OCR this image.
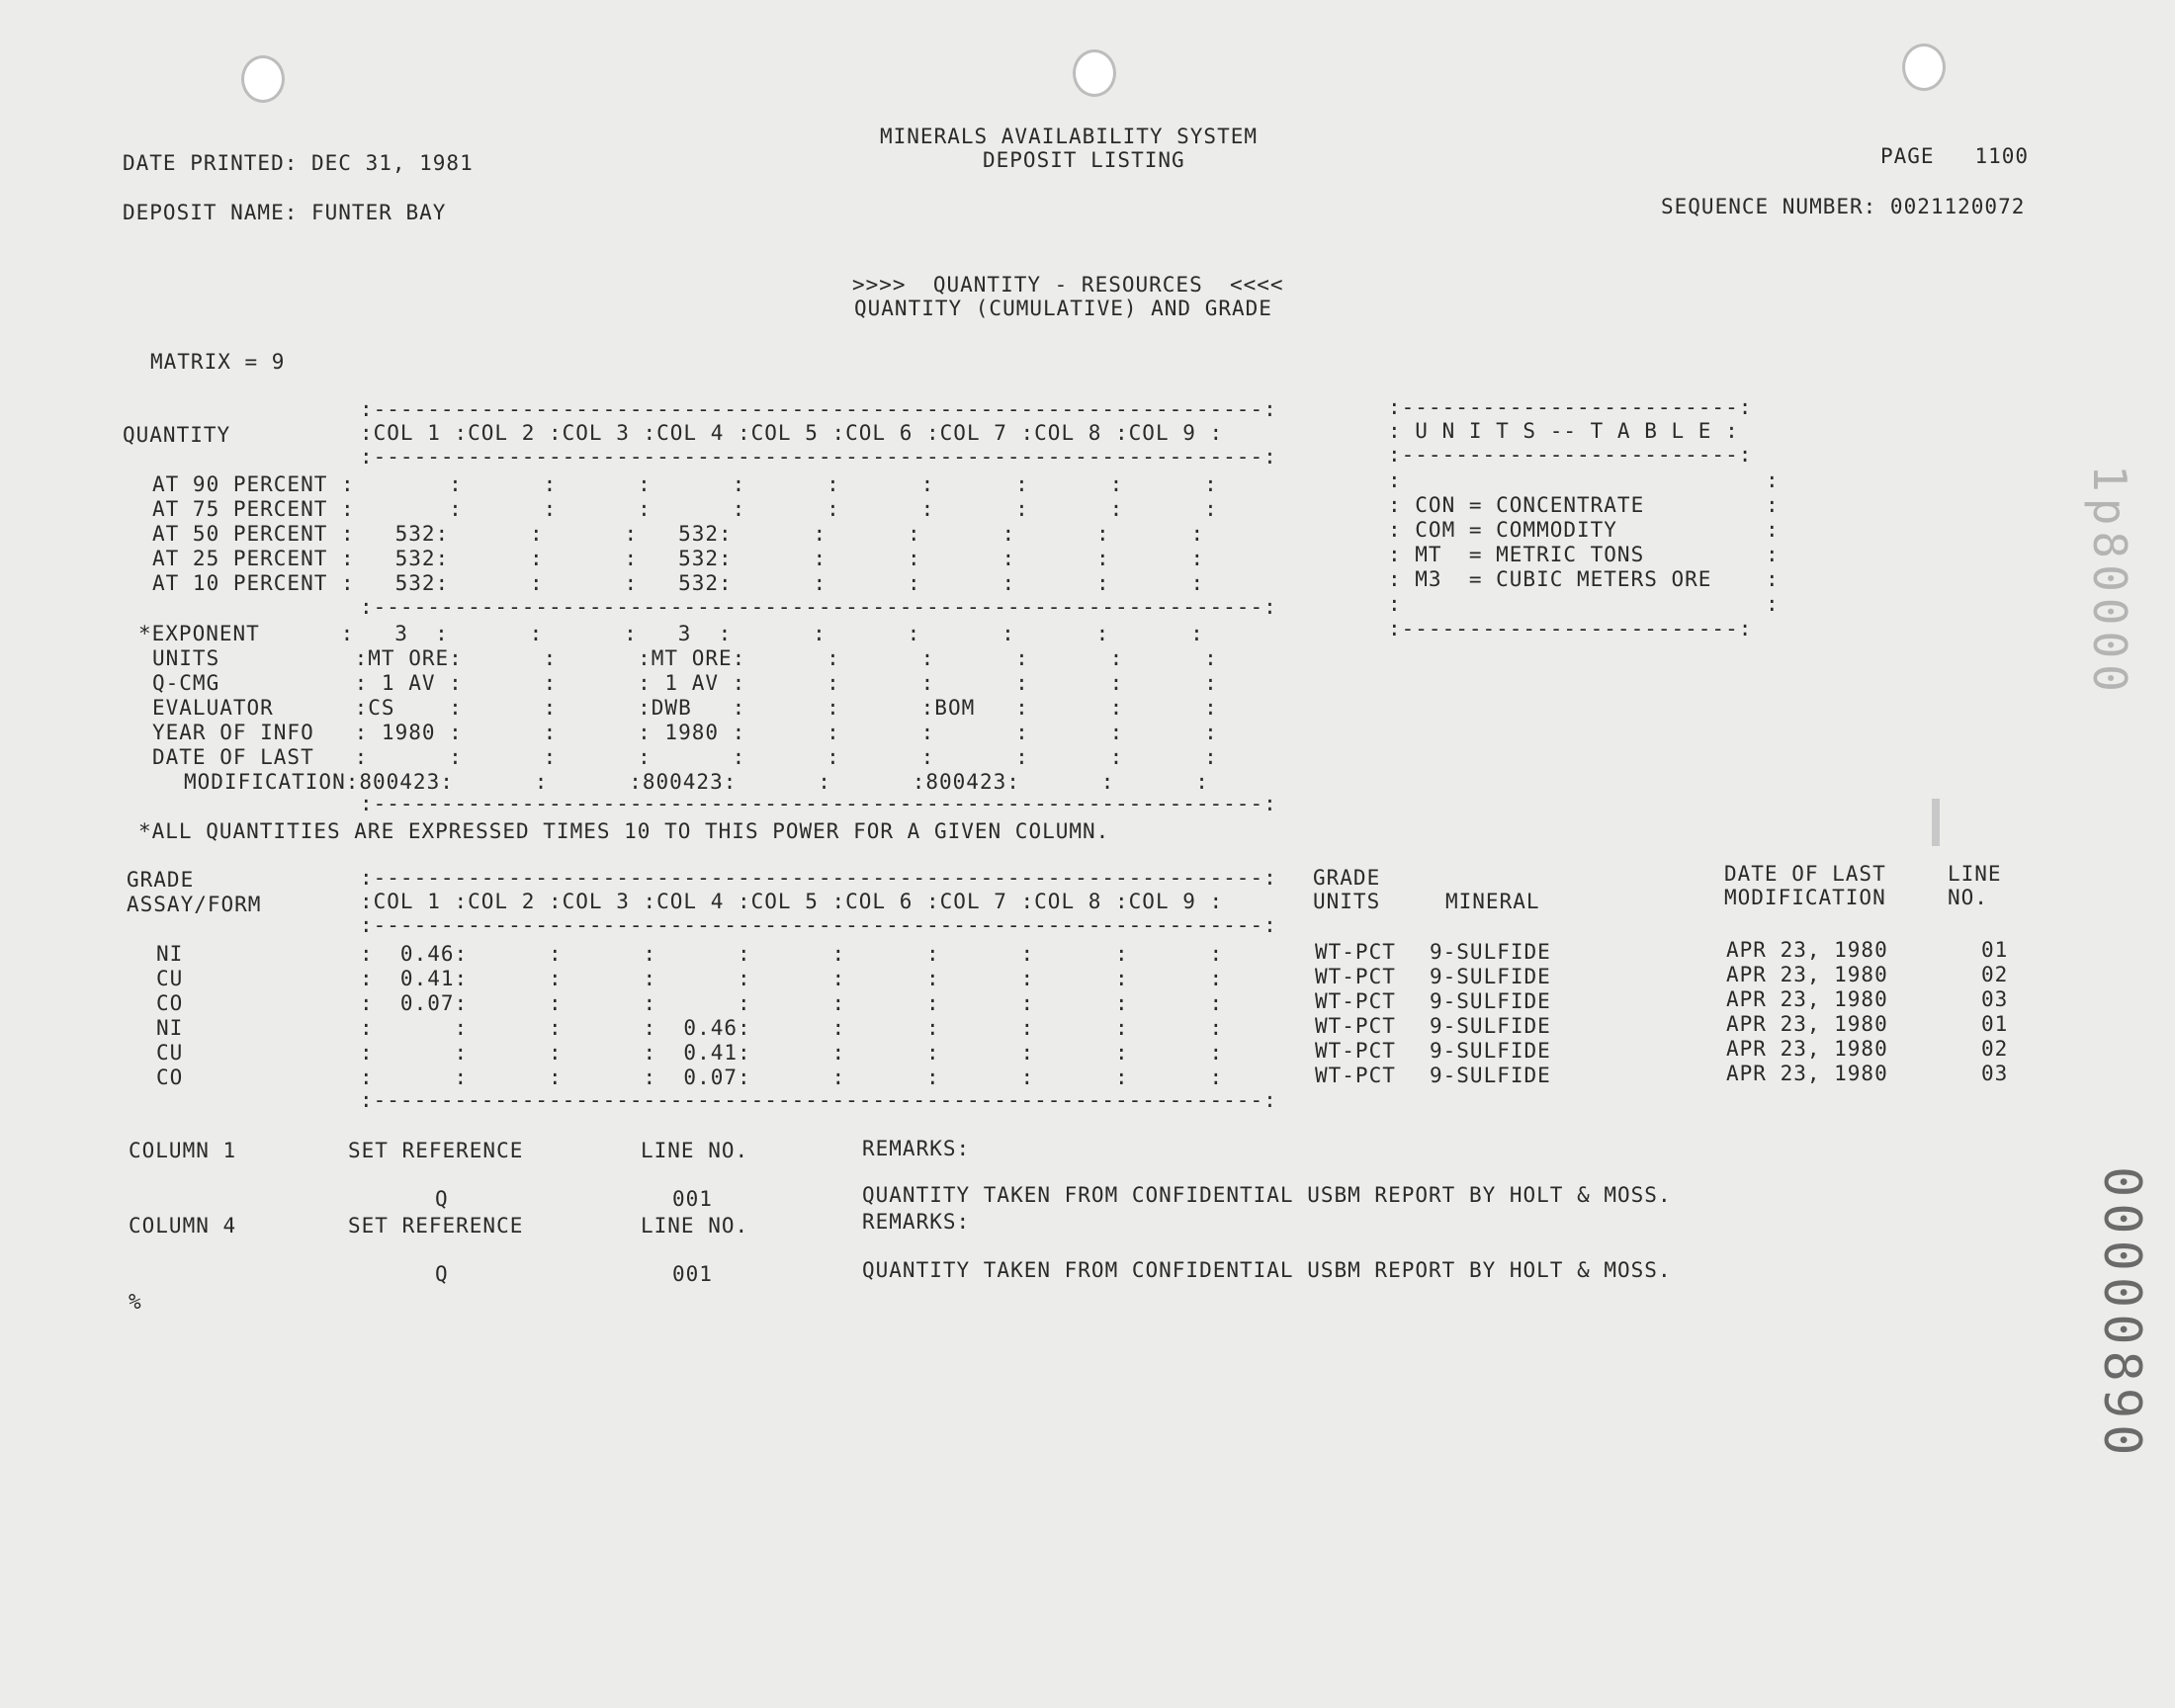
DATE PRINTED: DEC 31, 1981
MINERALS AVAILABILITY SYSTEM
DEPOSIT LISTING	PAGE   1100
DEPOSIT NAME: FUNTER BAY	SEQUENCE NUMBER: 0021120072
>>>>  QUANTITY - RESOURCES  <<<<
QUANTITY (CUMULATIVE) AND GRADE
MATRIX = 9
QUANTITY
:------------------------------------------------------------------:
:COL 1 :COL 2 :COL 3 :COL 4 :COL 5 :COL 6 :COL 7 :COL 8 :COL 9 :
:------------------------------------------------------------------:
AT 90 PERCENT :       :      :      :      :      :      :      :      :      :
AT 75 PERCENT :       :      :      :      :      :      :      :      :      :
AT 50 PERCENT :   532:      :      :   532:      :      :      :      :      :
AT 25 PERCENT :   532:      :      :   532:      :      :      :      :      :
AT 10 PERCENT :   532:      :      :   532:      :      :      :      :      :
:------------------------------------------------------------------:
*EXPONENT      :   3  :      :      :   3  :      :      :      :      :      :
UNITS          :MT ORE:      :      :MT ORE:      :      :      :      :      :
Q-CMG          : 1 AV :      :      : 1 AV :      :      :      :      :      :
EVALUATOR      :CS    :      :      :DWB   :      :      :BOM   :      :      :
YEAR OF INFO   : 1980 :      :      : 1980 :      :      :      :      :      :
DATE OF LAST   :      :      :      :      :      :      :      :      :      :
MODIFICATION:800423:      :      :800423:      :      :800423:      :      :
:------------------------------------------------------------------:
:-------------------------:
: U N I T S -- T A B L E :
:-------------------------:
:                           :
: CON = CONCENTRATE         :
: COM = COMMODITY           :
: MT  = METRIC TONS         :
: M3  = CUBIC METERS ORE    :
:                           :
:-------------------------:
*ALL QUANTITIES ARE EXPRESSED TIMES 10 TO THIS POWER FOR A GIVEN COLUMN.
GRADE
ASSAY/FORM
:------------------------------------------------------------------:
:COL 1 :COL 2 :COL 3 :COL 4 :COL 5 :COL 6 :COL 7 :COL 8 :COL 9 :
:------------------------------------------------------------------:
GRADE
UNITS	MINERAL
DATE OF LAST
MODIFICATION
LINE
NO.
NI	:  0.46:      :      :      :      :      :      :      :      :	WT-PCT 9-SULFIDE	APR 23, 1980	01
CU	:  0.41:      :      :      :      :      :      :      :      :	WT-PCT 9-SULFIDE	APR 23, 1980	02
CO	:  0.07:      :      :      :      :      :      :      :      :	WT-PCT 9-SULFIDE	APR 23, 1980	03
NI	:      :      :      :  0.46:      :      :      :      :      :	WT-PCT 9-SULFIDE	APR 23, 1980	01
CU	:      :      :      :  0.41:      :      :      :      :      :	WT-PCT 9-SULFIDE	APR 23, 1980	02
CO	:      :      :      :  0.07:      :      :      :      :      :	WT-PCT 9-SULFIDE	APR 23, 1980	03
:------------------------------------------------------------------:
COLUMN 1	SET REFERENCE	LINE NO.	REMARKS:
Q	001	QUANTITY TAKEN FROM CONFIDENTIAL USBM REPORT BY HOLT & MOSS.
COLUMN 4	SET REFERENCE	LINE NO.	REMARKS:
Q	001	QUANTITY TAKEN FROM CONFIDENTIAL USBM REPORT BY HOLT & MOSS.
%
1p80000
00000890
